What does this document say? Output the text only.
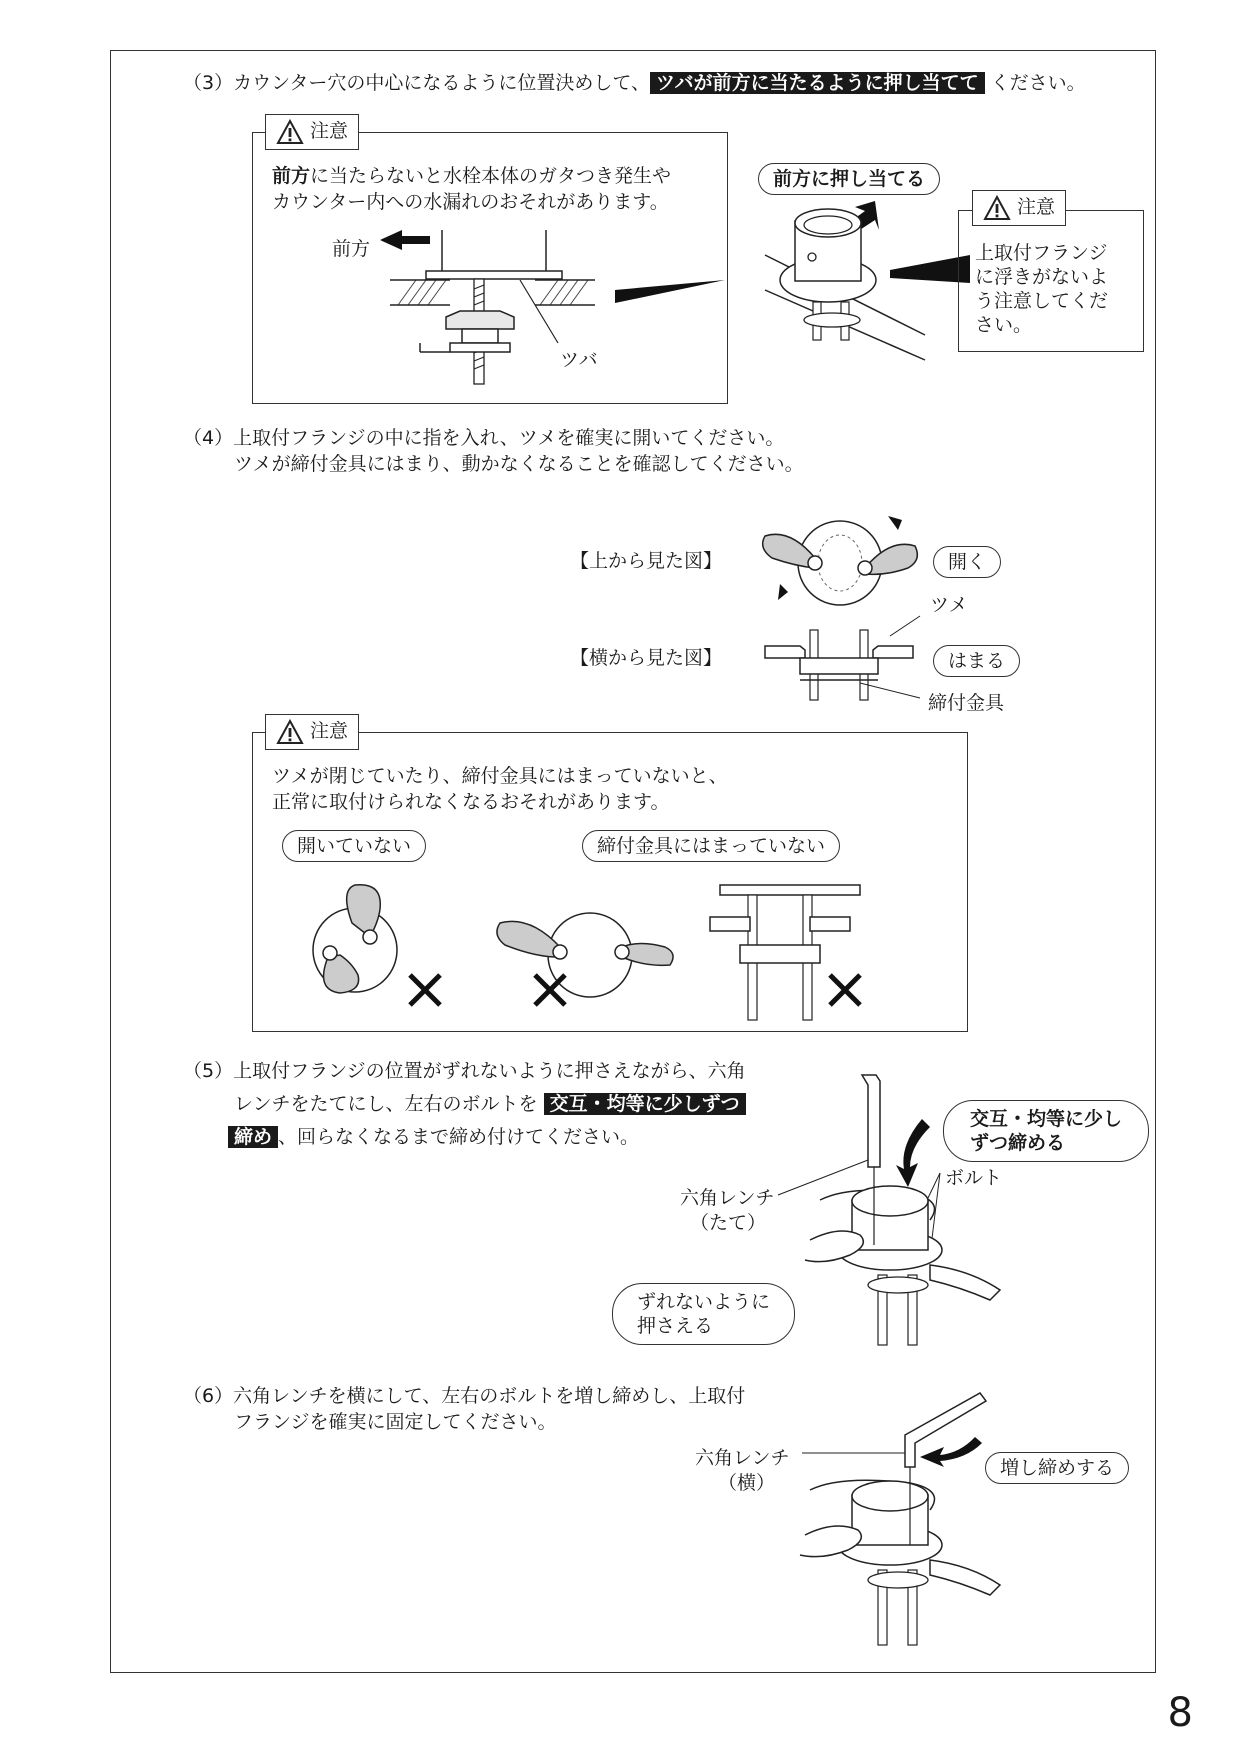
（3）カウンター穴の中心になるように位置決めして、 ツバが前方に当たるように押し当てて ください。
注意
前方に当たらないと水栓本体のガタつき発生や
カウンター内への水漏れのおそれがあります。
前方
ツバ
前方に押し当てる
注意
上取付フランジ
に浮きがないよ
う注意してくだ
さい。
（4）上取付フランジの中に指を入れ、ツメを確実に開いてください。
ツメが締付金具にはまり、動かなくなることを確認してください。
【上から見た図】
【横から見た図】
開く
ツメ
はまる
締付金具
注意
ツメが閉じていたり、締付金具にはまっていないと、
正常に取付けられなくなるおそれがあります。
開いていない	締付金具にはまっていない
（5）上取付フランジの位置がずれないように押さえながら、六角
レンチをたてにし、左右のボルトを 交互・均等に少しずつ
締め 、回らなくなるまで締め付けてください。
交互・均等に少し
ずつ締める
ボルト
六角レンチ
（たて）
ずれないように
押さえる
（6）六角レンチを横にして、左右のボルトを増し締めし、上取付
フランジを確実に固定してください。
六角レンチ
（横）
増し締めする
8
